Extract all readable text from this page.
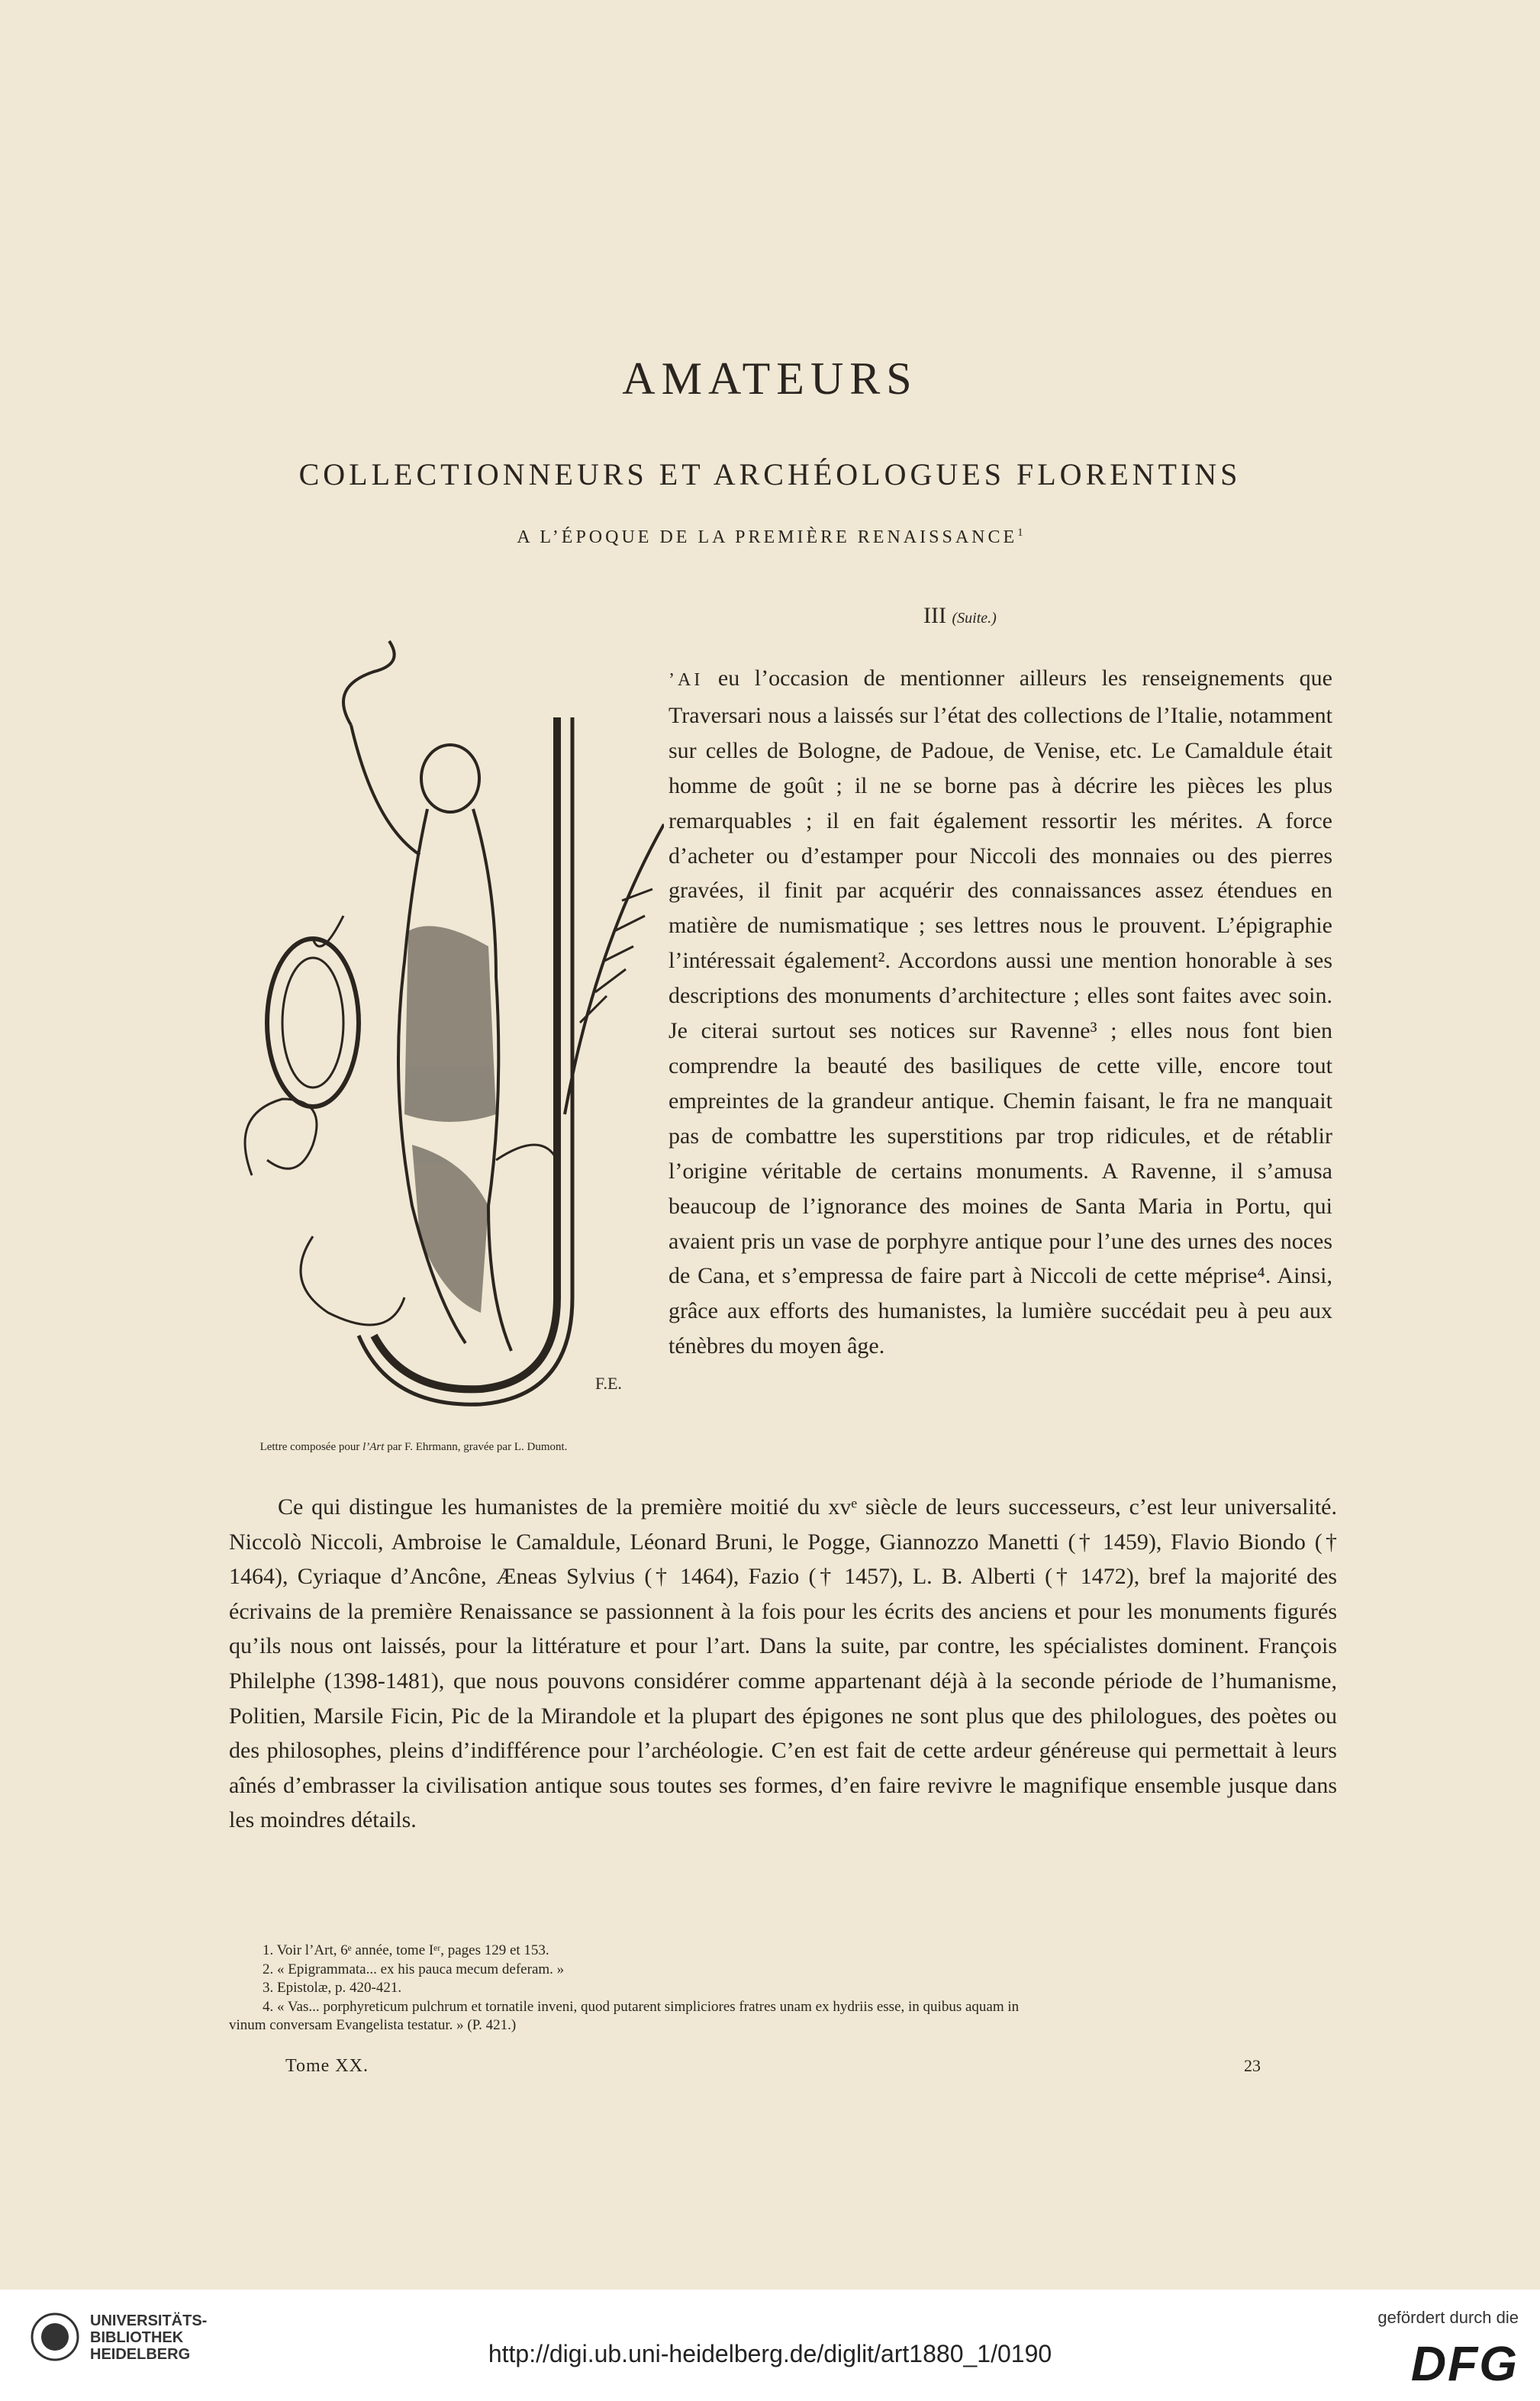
AMATEURS
COLLECTIONNEURS ET ARCHÉOLOGUES FLORENTINS
A L’ÉPOQUE DE LA PREMIÈRE RENAISSANCE$^1$
III (Suite.)
F.E.
Lettre composée pour l’Art par F. Ehrmann, gravée par L. Dumont.
’AI eu l’occasion de mentionner ailleurs les renseignements que Traversari nous a laissés sur l’état des collections de l’Italie, notamment sur celles de Bologne, de Padoue, de Venise, etc. Le Camaldule était homme de goût ; il ne se borne pas à décrire les pièces les plus remarquables ; il en fait également ressortir les mérites. A force d’acheter ou d’estamper pour Niccoli des monnaies ou des pierres gravées, il finit par acquérir des connaissances assez étendues en matière de numismatique ; ses lettres nous le prouvent. L’épigraphie l’intéressait également². Accordons aussi une mention honorable à ses descriptions des monuments d’architecture ; elles sont faites avec soin. Je citerai surtout ses notices sur Ravenne³ ; elles nous font bien comprendre la beauté des basiliques de cette ville, encore tout empreintes de la grandeur antique. Chemin faisant, le fra ne manquait pas de combattre les superstitions par trop ridicules, et de rétablir l’origine véritable de certains monuments. A Ravenne, il s’amusa beaucoup de l’ignorance des moines de Santa Maria in Portu, qui avaient pris un vase de porphyre antique pour l’une des urnes des noces de Cana, et s’empressa de faire part à Niccoli de cette méprise⁴. Ainsi, grâce aux efforts des humanistes, la lumière succédait peu à peu aux ténèbres du moyen âge.
Ce qui distingue les humanistes de la première moitié du xvᵉ siècle de leurs successeurs, c’est leur universalité. Niccolò Niccoli, Ambroise le Camaldule, Léonard Bruni, le Pogge, Giannozzo Manetti († 1459), Flavio Biondo († 1464), Cyriaque d’Ancône, Æneas Sylvius († 1464), Fazio († 1457), L. B. Alberti († 1472), bref la majorité des écrivains de la première Renaissance se passionnent à la fois pour les écrits des anciens et pour les monuments figurés qu’ils nous ont laissés, pour la littérature et pour l’art. Dans la suite, par contre, les spécialistes dominent. François Philelphe (1398-1481), que nous pouvons considérer comme appartenant déjà à la seconde période de l’humanisme, Politien, Marsile Ficin, Pic de la Mirandole et la plupart des épigones ne sont plus que des philologues, des poètes ou des philosophes, pleins d’indifférence pour l’archéologie. C’en est fait de cette ardeur généreuse qui permettait à leurs aînés d’embrasser la civilisation antique sous toutes ses formes, d’en faire revivre le magnifique ensemble jusque dans les moindres détails.
1. Voir l’Art, 6ᵉ année, tome Iᵉʳ, pages 129 et 153.
2. « Epigrammata... ex his pauca mecum deferam. »
3. Epistolæ, p. 420-421.
4. « Vas... porphyreticum pulchrum et tornatile inveni, quod putarent simpliciores fratres unam ex hydriis esse, in quibus aquam in
vinum conversam Evangelista testatur. » (P. 421.)
Tome XX.	23
UNIVERSITÄTS-
BIBLIOTHEK
HEIDELBERG	http://digi.ub.uni-heidelberg.de/diglit/art1880_1/0190
gefördert durch die
DFG
